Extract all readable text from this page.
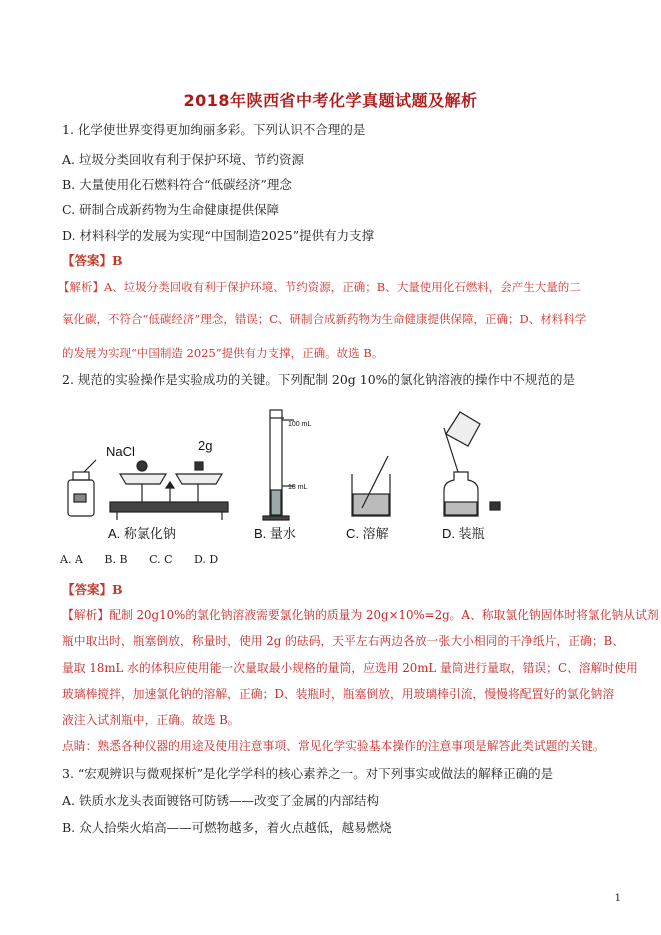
2018年陕西省中考化学真题试题及解析
1. 化学使世界变得更加绚丽多彩。下列认识不合理的是
A. 垃圾分类回收有利于保护环境、节约资源
B. 大量使用化石燃料符合“低碳经济”理念
C. 研制合成新药物为生命健康提供保障
D. 材料科学的发展为实现“中国制造2025”提供有力支撑
【答案】B
【解析】A、垃圾分类回收有利于保护环境、节约资源，正确；B、大量使用化石燃料，会产生大量的二
氧化碳，不符合“低碳经济”理念，错误；C、研制合成新药物为生命健康提供保障，正确；D、材料科学
的发展为实现“中国制造 2025”提供有力支撑，正确。故选 B。
2. 规范的实验操作是实验成功的关键。下列配制 20g 10%的氯化钠溶液的操作中不规范的是
NaCl	2g
100 mL
18 mL
A. 称氯化钠	B. 量水	C. 溶解	D. 装瓶
A. A B. B C. C D. D
【答案】B
【解析】配制 20g10%的氯化钠溶液需要氯化钠的质量为 20g×10%=2g。A、称取氯化钠固体时将氯化钠从试剂
瓶中取出时，瓶塞倒放，称量时，使用 2g 的砝码，天平左右两边各放一张大小相同的干净纸片，正确；B、
量取 18mL 水的体积应使用能一次量取最小规格的量筒，应选用 20mL 量筒进行量取，错误；C、溶解时使用
玻璃棒搅拌，加速氯化钠的溶解，正确；D、装瓶时，瓶塞倒放，用玻璃棒引流，慢慢将配置好的氯化钠溶
液注入试剂瓶中，正确。故选 B。
点睛：熟悉各种仪器的用途及使用注意事项、常见化学实验基本操作的注意事项是解答此类试题的关键。
3. “宏观辨识与微观探析”是化学学科的核心素养之一。对下列事实或做法的解释正确的是
A. 铁质水龙头表面镀铬可防锈——改变了金属的内部结构
B. 众人拾柴火焰高——可燃物越多，着火点越低，越易燃烧
1
